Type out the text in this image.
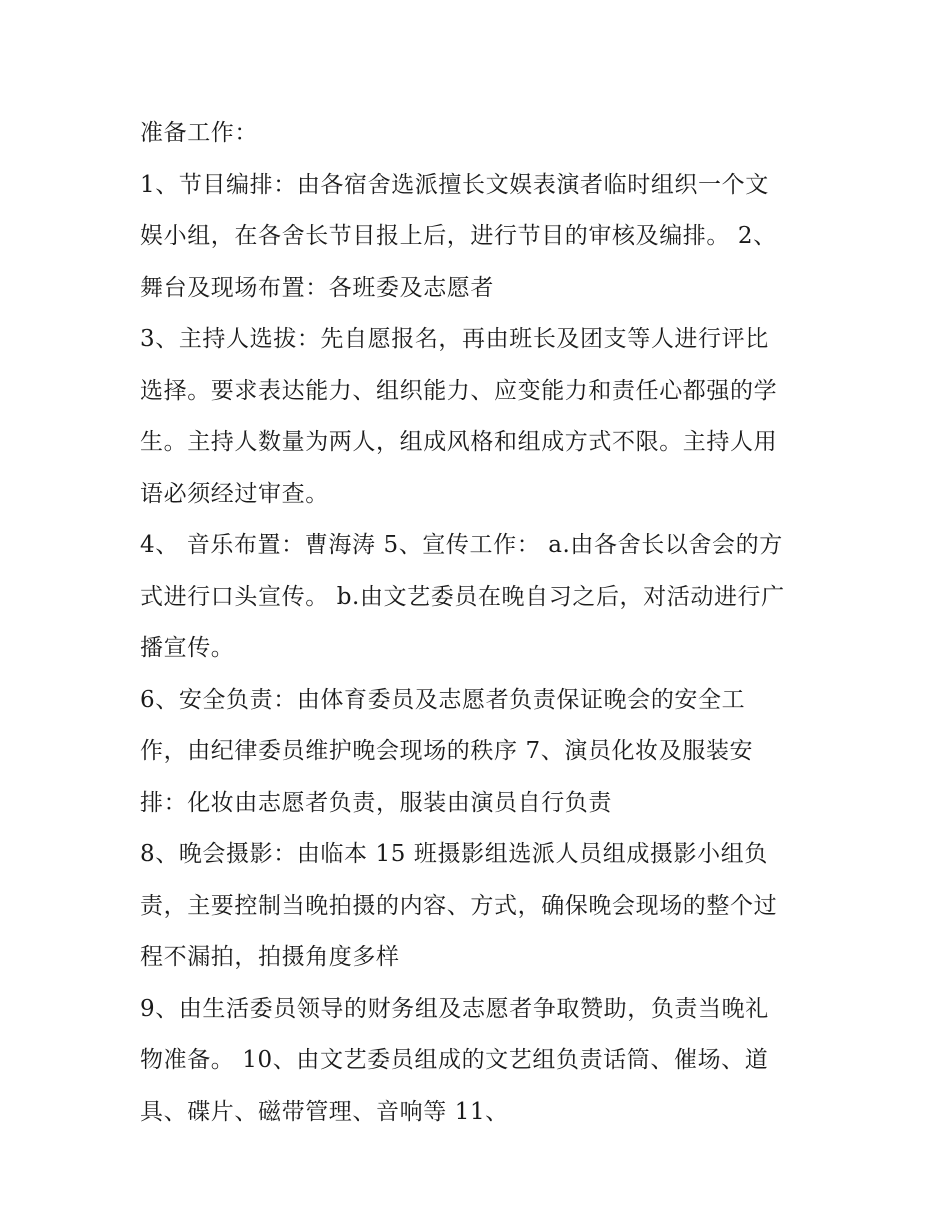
准备工作：
1、节目编排：由各宿舍选派擅长文娱表演者临时组织一个文
娱小组，在各舍长节目报上后，进行节目的审核及编排。 2、
舞台及现场布置：各班委及志愿者
3、主持人选拔：先自愿报名，再由班长及团支等人进行评比
选择。要求表达能力、组织能力、应变能力和责任心都强的学
生。主持人数量为两人，组成风格和组成方式不限。主持人用
语必须经过审查。
4、 音乐布置：曹海涛 5、宣传工作： a.由各舍长以舍会的方
式进行口头宣传。 b.由文艺委员在晚自习之后，对活动进行广
播宣传。
6、安全负责：由体育委员及志愿者负责保证晚会的安全工
作，由纪律委员维护晚会现场的秩序 7、演员化妆及服装安
排：化妆由志愿者负责，服装由演员自行负责
8、晚会摄影：由临本 15 班摄影组选派人员组成摄影小组负
责，主要控制当晚拍摄的内容、方式，确保晚会现场的整个过
程不漏拍，拍摄角度多样
9、由生活委员领导的财务组及志愿者争取赞助，负责当晚礼
物准备。 10、由文艺委员组成的文艺组负责话筒、催场、道
具、碟片、磁带管理、音响等 11、
